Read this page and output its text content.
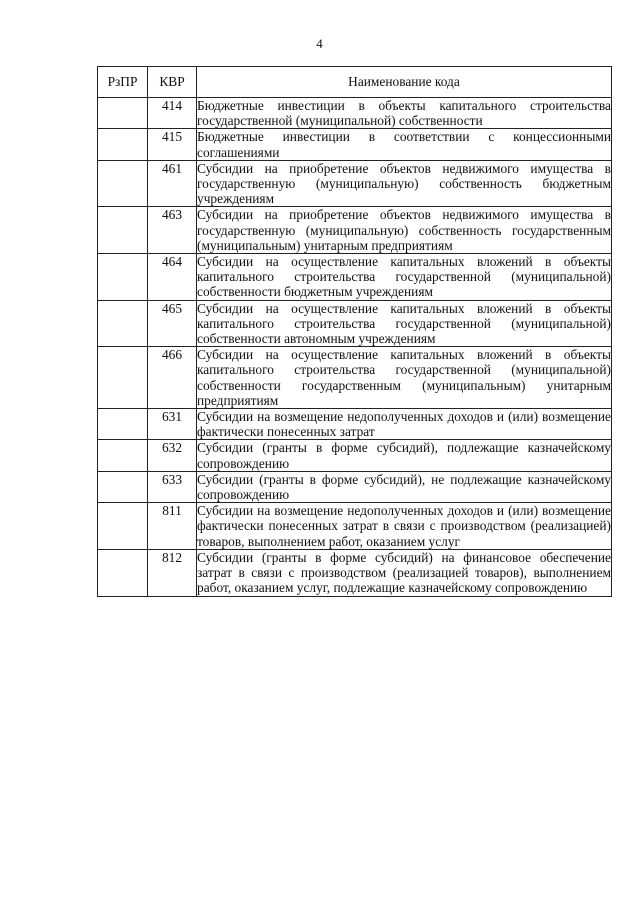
4
РзПР	КВР	Наименование кода
	414	Бюджетные инвестиции в объекты капитального строительства государственной (муниципальной) собственности
	415	Бюджетные инвестиции в соответствии с концессионными соглашениями
	461	Субсидии на приобретение объектов недвижимого имущества в государственную (муниципальную) собственность бюджетным учреждениям
	463	Субсидии на приобретение объектов недвижимого имущества в государственную (муниципальную) собственность государственным (муниципальным) унитарным предприятиям
	464	Субсидии на осуществление капитальных вложений в объекты капитального строительства государственной (муниципальной) собственности бюджетным учреждениям
	465	Субсидии на осуществление капитальных вложений в объекты капитального строительства государственной (муниципальной) собственности автономным учреждениям
	466	Субсидии на осуществление капитальных вложений в объекты капитального строительства государственной (муниципальной) собственности государственным (муниципальным) унитарным предприятиям
	631	Субсидии на возмещение недополученных доходов и (или) возмещение фактически понесенных затрат
	632	Субсидии (гранты в форме субсидий), подлежащие казначейскому сопровождению
	633	Субсидии (гранты в форме субсидий), не подлежащие казначейскому сопровождению
	811	Субсидии на возмещение недополученных доходов и (или) возмещение фактически понесенных затрат в связи с производством (реализацией) товаров, выполнением работ, оказанием услуг
	812	Субсидии (гранты в форме субсидий) на финансовое обеспечение затрат в связи с производством (реализацией товаров), выполнением работ, оказанием услуг, подлежащие казначейскому сопровождению
